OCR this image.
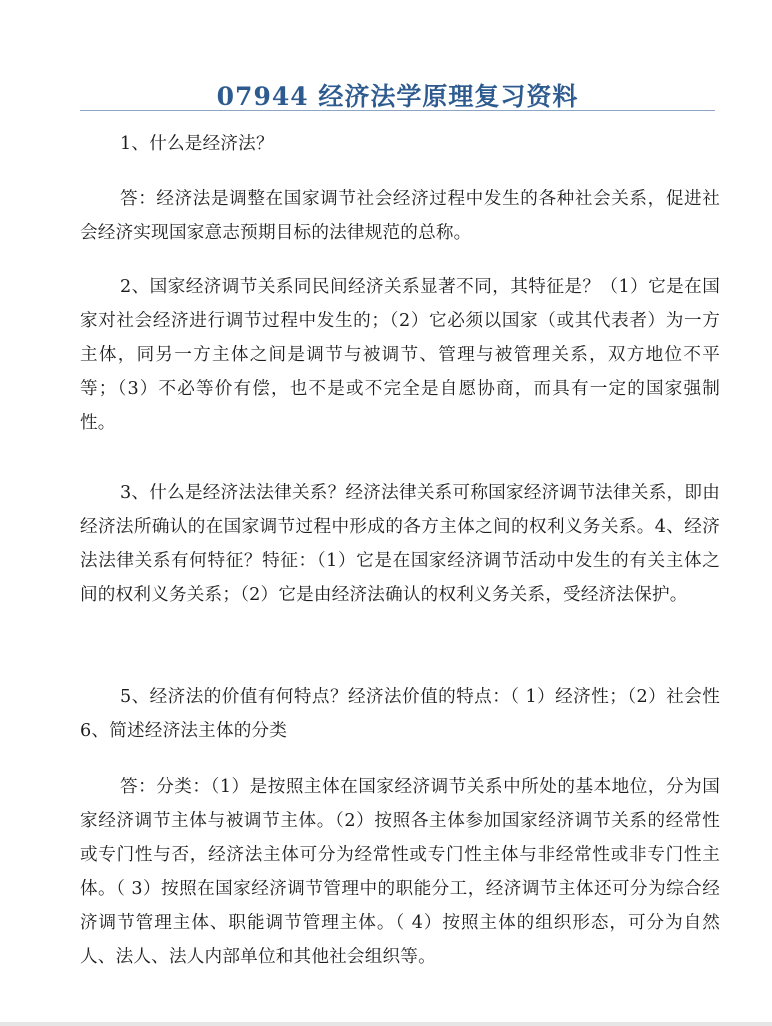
07944 经济法学原理复习资料

1、什么是经济法？

答：经济法是调整在国家调节社会经济过程中发生的各种社会关系，促进社会经济实现国家意志预期目标的法律规范的总称。

2、国家经济调节关系同民间经济关系显著不同，其特征是？（1）它是在国家对社会经济进行调节过程中发生的；（2）它必须以国家（或其代表者）为一方主体，同另一方主体之间是调节与被调节、管理与被管理关系，双方地位不平等；（3）不必等价有偿，也不是或不完全是自愿协商，而具有一定的国家强制性。

3、什么是经济法法律关系？经济法律关系可称国家经济调节法律关系，即由经济法所确认的在国家调节过程中形成的各方主体之间的权利义务关系。4、经济法法律关系有何特征？特征：（1）它是在国家经济调节活动中发生的有关主体之间的权利义务关系；（2）它是由经济法确认的权利义务关系，受经济法保护。

5、经济法的价值有何特点？经济法价值的特点：（ 1）经济性；（2）社会性 6、简述经济法主体的分类

答：分类：（1）是按照主体在国家经济调节关系中所处的基本地位，分为国家经济调节主体与被调节主体。（2）按照各主体参加国家经济调节关系的经常性或专门性与否，经济法主体可分为经常性或专门性主体与非经常性或非专门性主体。（ 3）按照在国家经济调节管理中的职能分工，经济调节主体还可分为综合经济调节管理主体、职能调节管理主体。（ 4）按照主体的组织形态，可分为自然人、法人、法人内部单位和其他社会组织等。
